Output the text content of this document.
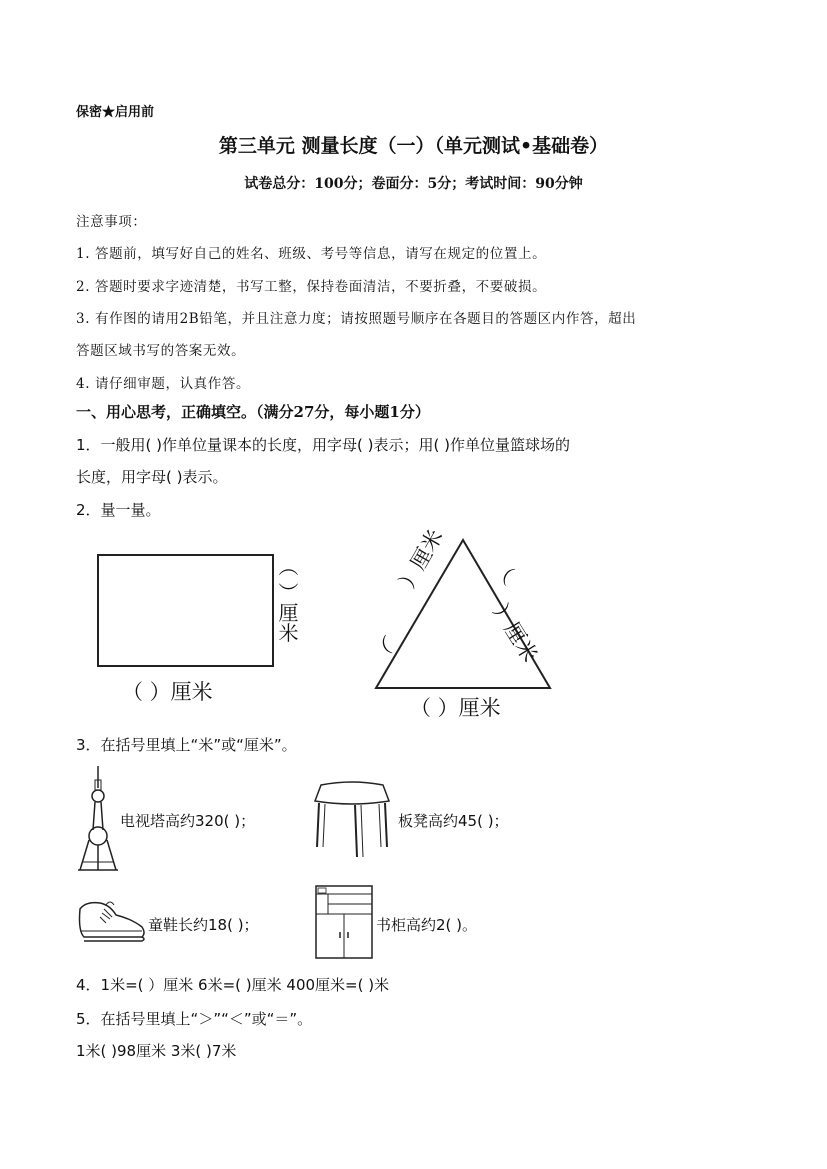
保密★启用前
第三单元 测量长度（一）（单元测试•基础卷）
试卷总分：100分；卷面分：5分；考试时间：90分钟
注意事项：
1. 答题前，填写好自己的姓名、班级、考号等信息，请写在规定的位置上。
2. 答题时要求字迹清楚，书写工整，保持卷面清洁，不要折叠，不要破损。
3. 有作图的请用2B铅笔，并且注意力度；请按照题号顺序在各题目的答题区内作答，超出
答题区域书写的答案无效。
4. 请仔细审题，认真作答。
一、用心思考，正确填空。（满分27分，每小题1分）
1．一般用( )作单位量课本的长度，用字母( )表示；用( )作单位量篮球场的
长度，用字母( )表示。
2．量一量。
（ ）厘米
（ ）厘米
（
）厘米 （
）厘米
（ ）厘米
3．在括号里填上“米”或“厘米”。
电视塔高约320( )；	板凳高约45( )；
童鞋长约18( )；	书柜高约2( )。
4．1米=( ）厘米 6米=( )厘米 400厘米=( )米
5．在括号里填上“＞”“＜”或“＝”。
1米( )98厘米 3米( )7米
